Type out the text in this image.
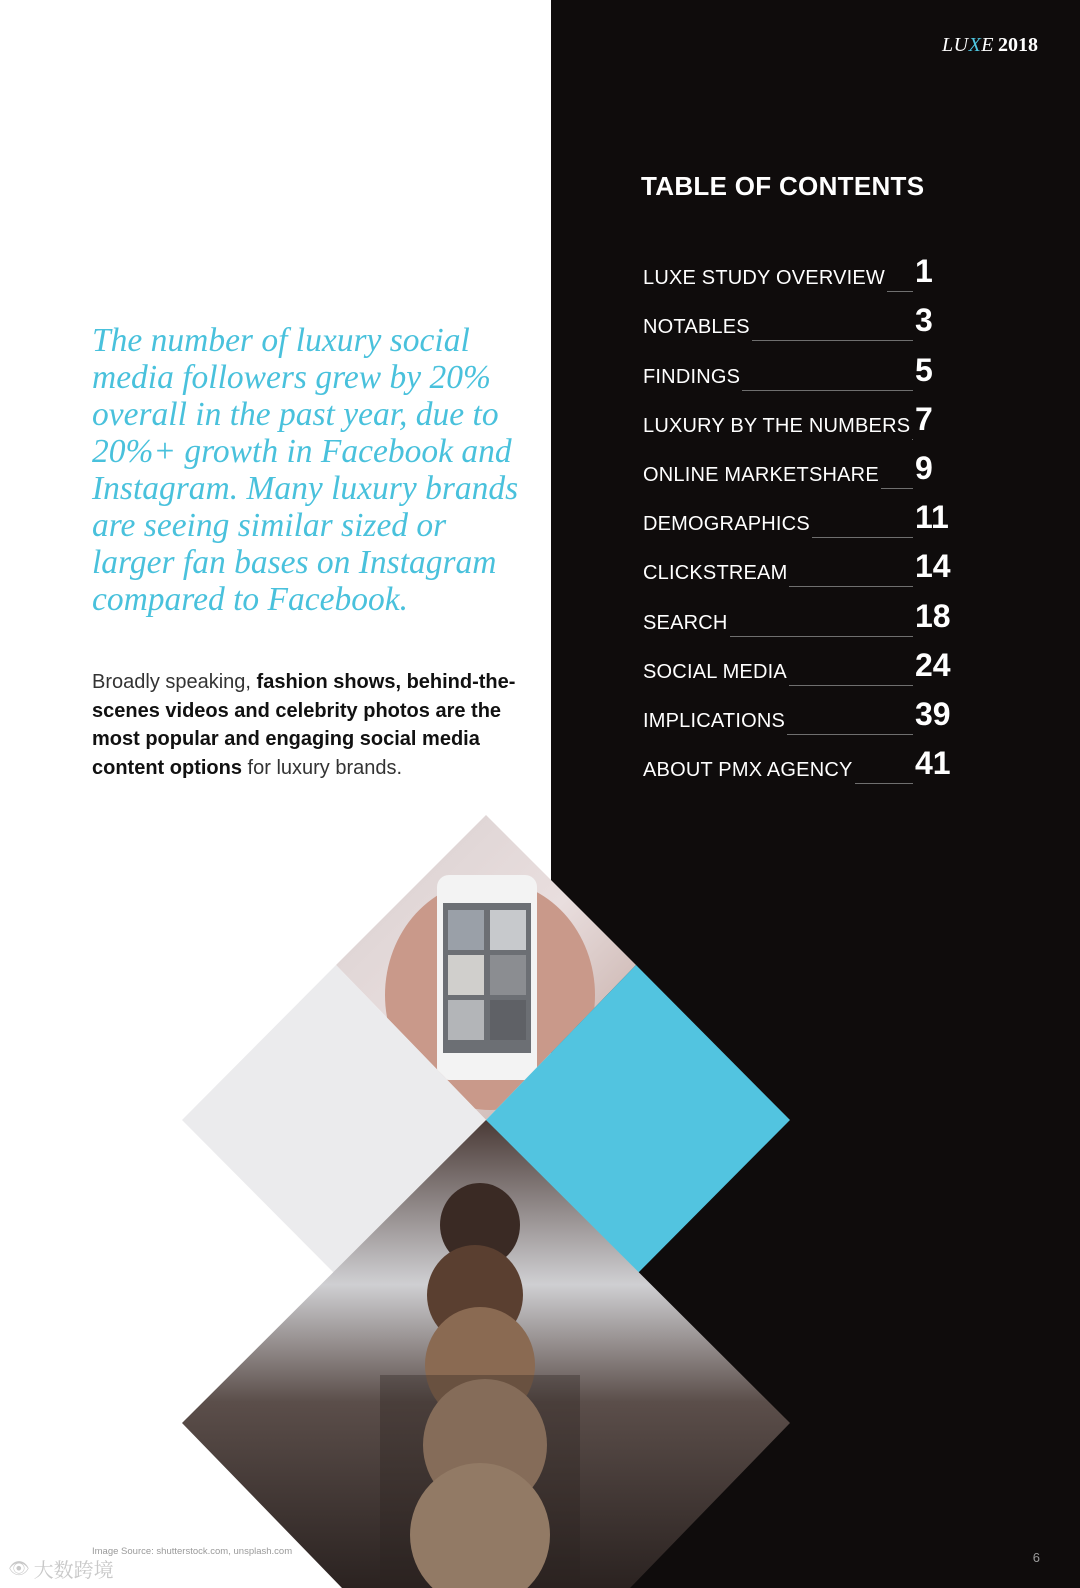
LUXE 2018
TABLE OF CONTENTS
LUXE STUDY OVERVIEW 1
NOTABLES	3
FINDINGS	5
LUXURY BY THE NUMBERS 7
ONLINE MARKETSHARE 9
DEMOGRAPHICS	11
CLICKSTREAM	14
SEARCH	18
SOCIAL MEDIA	24
IMPLICATIONS	39
ABOUT PMX AGENCY 41
The number of luxury social media followers grew by 20% overall in the past year, due to 20%+ growth in Facebook and Instagram. Many luxury brands are seeing similar sized or larger fan bases on Instagram compared to Facebook.
Broadly speaking, fashion shows, behind-the-scenes videos and celebrity photos are the most popular and engaging social media content options for luxury brands.
Image Source: shutterstock.com, unsplash.com
👁 大数跨境
6
